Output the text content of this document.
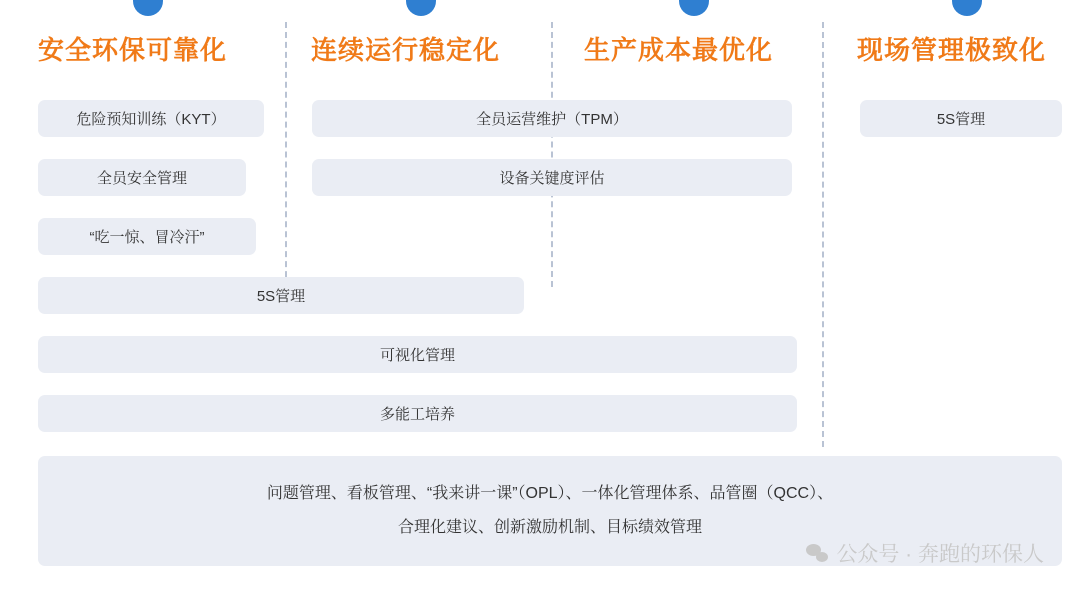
安全环保可靠化	连续运行稳定化	生产成本最优化	现场管理极致化
危险预知训练（KYT）	全员运营维护（TPM）	5S管理
全员安全管理	设备关键度评估
“吃一惊、冒冷汗”
5S管理
可视化管理
多能工培养
问题管理、看板管理、“我来讲一课”（OPL）、一体化管理体系、品管圈（QCC）、
合理化建议、创新激励机制、目标绩效管理
公众号 · 奔跑的环保人
